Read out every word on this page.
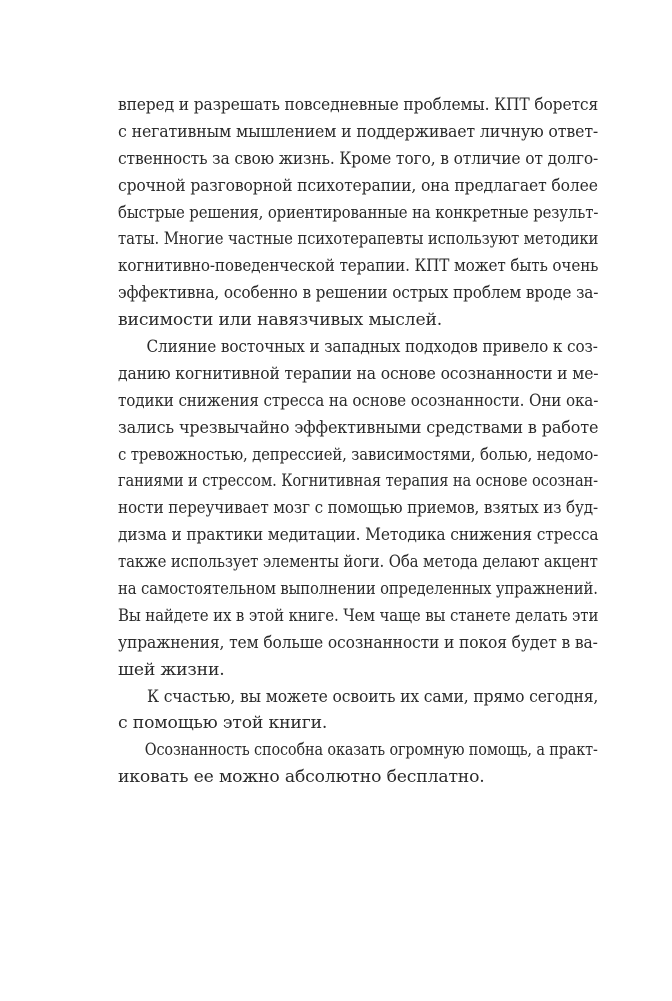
вперед и разрешать повседневные проблемы. КПТ борется
с негативным мышлением и поддерживает личную ответ-
ственность за свою жизнь. Кроме того, в отличие от долго-
срочной разговорной психотерапии, она предлагает более
быстрые решения, ориентированные на конкретные результ-
таты. Многие частные психотерапевты используют методики
когнитивно-поведенческой терапии. КПТ может быть очень
эффективна, особенно в решении острых проблем вроде за-
висимости или навязчивых мыслей.
Слияние восточных и западных подходов привело к соз-
данию когнитивной терапии на основе осознанности и ме-
тодики снижения стресса на основе осознанности. Они ока-
зались чрезвычайно эффективными средствами в работе
с тревожностью, депрессией, зависимостями, болью, недомо-
ганиями и стрессом. Когнитивная терапия на основе осознан-
ности переучивает мозг с помощью приемов, взятых из буд-
дизма и практики медитации. Методика снижения стресса
также использует элементы йоги. Оба метода делают акцент
на самостоятельном выполнении определенных упражнений.
Вы найдете их в этой книге. Чем чаще вы станете делать эти
упражнения, тем больше осознанности и покоя будет в ва-
шей жизни.
К счастью, вы можете освоить их сами, прямо сегодня,
с помощью этой книги.
Осознанность способна оказать огромную помощь, а практ-
иковать ее можно абсолютно бесплатно.
